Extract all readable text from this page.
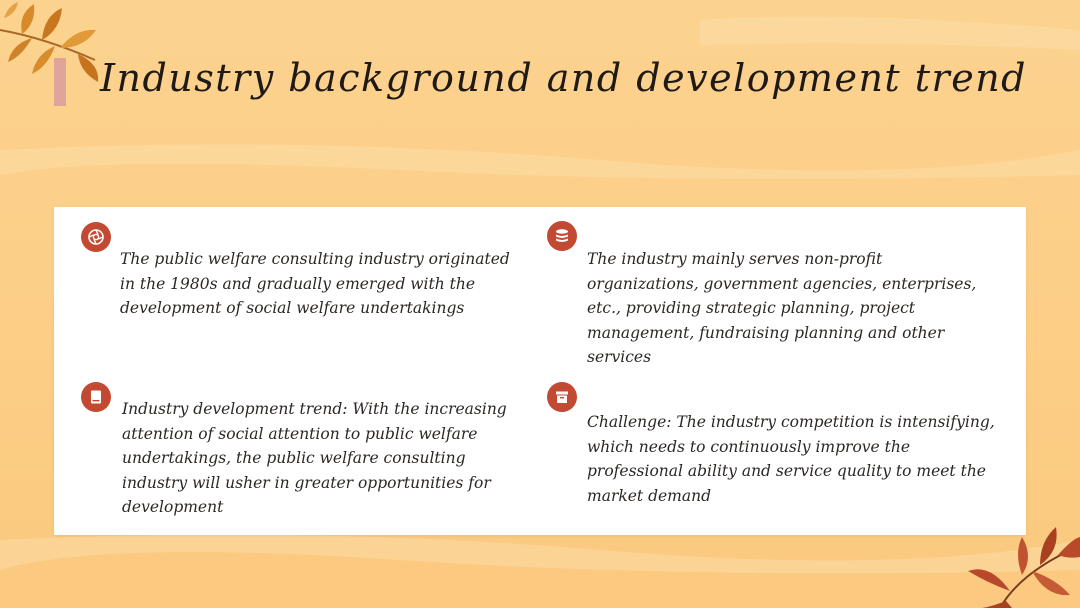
Industry background and development trend

The public welfare consulting industry originated in the 1980s and gradually emerged with the development of social welfare undertakings

The industry mainly serves non-profit organizations, government agencies, enterprises, etc., providing strategic planning, project management, fundraising planning and other services

Industry development trend: With the increasing attention of social attention to public welfare undertakings, the public welfare consulting industry will usher in greater opportunities for development

Challenge: The industry competition is intensifying, which needs to continuously improve the professional ability and service quality to meet the market demand
